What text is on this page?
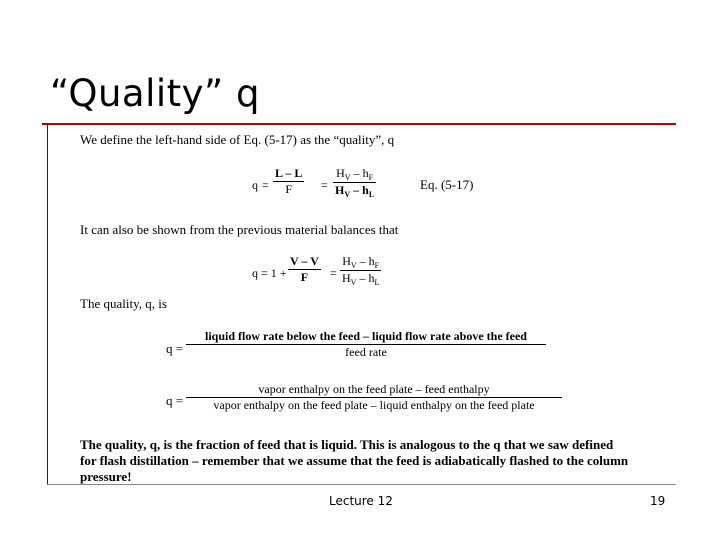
“Quality” q
We define the left-hand side of Eq. (5-17) as the “quality”, q
$q = \frac{L - L}{F} = \frac{H_V - h_F}{H_V - h_L}$	Eq. (5-17)
It can also be shown from the previous material balances that
$q = 1 + \frac{V - V}{F} = \frac{H_V - h_F}{H_V - h_L}$
The quality, q, is
q =
liquid flow rate below the feed – liquid flow rate above the feed
feed rate
q =
vapor enthalpy on the feed plate – feed enthalpy
vapor enthalpy on the feed plate – liquid enthalpy on the feed plate
The quality, q, is the fraction of feed that is liquid. This is analogous to the q that we saw defined
for flash distillation – remember that we assume that the feed is adiabatically flashed to the column
pressure!
Lecture 12	19
